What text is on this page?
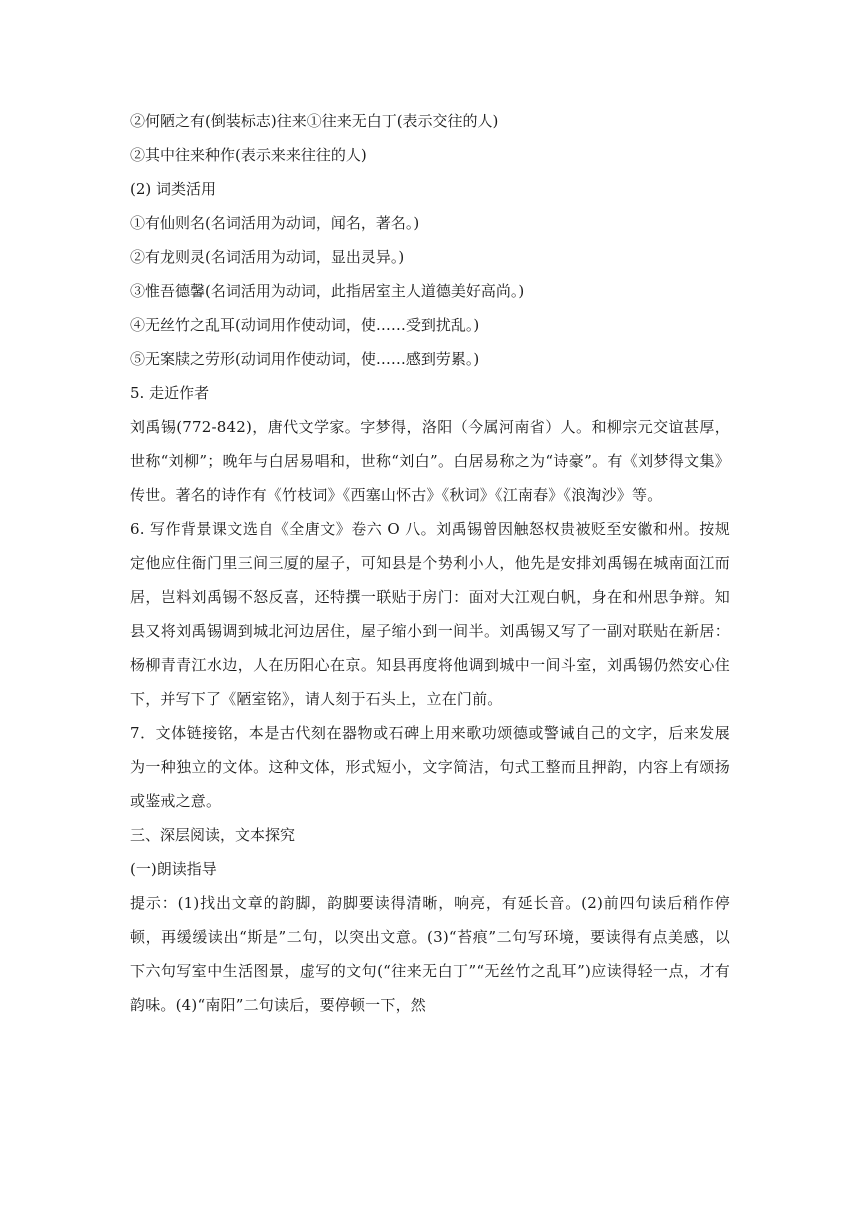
②何陋之有(倒装标志)往来①往来无白丁(表示交往的人)
②其中往来种作(表示来来往往的人)
(2) 词类活用
①有仙则名(名词活用为动词，闻名，著名。)
②有龙则灵(名词活用为动词，显出灵异。)
③惟吾德馨(名词活用为动词，此指居室主人道德美好高尚。)
④无丝竹之乱耳(动词用作使动词，使……受到扰乱。)
⑤无案牍之劳形(动词用作使动词，使……感到劳累。)
5. 走近作者
刘禹锡(772-842)，唐代文学家。字梦得，洛阳（今属河南省）人。和柳宗元交谊甚厚，世称“刘柳”；晚年与白居易唱和，世称“刘白”。白居易称之为“诗豪”。有《刘梦得文集》传世。著名的诗作有《竹枝词》《西塞山怀古》《秋词》《江南春》《浪淘沙》等。
6. 写作背景课文选自《全唐文》卷六 O 八。刘禹锡曾因触怒权贵被贬至安徽和州。按规定他应住衙门里三间三厦的屋子，可知县是个势利小人，他先是安排刘禹锡在城南面江而居，岂料刘禹锡不怒反喜，还特撰一联贴于房门：面对大江观白帆，身在和州思争辩。知县又将刘禹锡调到城北河边居住，屋子缩小到一间半。刘禹锡又写了一副对联贴在新居：杨柳青青江水边，人在历阳心在京。知县再度将他调到城中一间斗室，刘禹锡仍然安心住下，并写下了《陋室铭》，请人刻于石头上，立在门前。
7．文体链接铭，本是古代刻在器物或石碑上用来歌功颂德或警诫自己的文字，后来发展为一种独立的文体。这种文体，形式短小，文字简洁，句式工整而且押韵，内容上有颂扬或鉴戒之意。
三、深层阅读，文本探究
(一)朗读指导
提示：(1)找出文章的韵脚，韵脚要读得清晰，响亮，有延长音。(2)前四句读后稍作停顿，再缓缓读出“斯是”二句，以突出文意。(3)“苔痕”二句写环境，要读得有点美感，以下六句写室中生活图景，虚写的文句(“往来无白丁”“无丝竹之乱耳”)应读得轻一点，才有韵味。(4)“南阳”二句读后，要停顿一下，然
